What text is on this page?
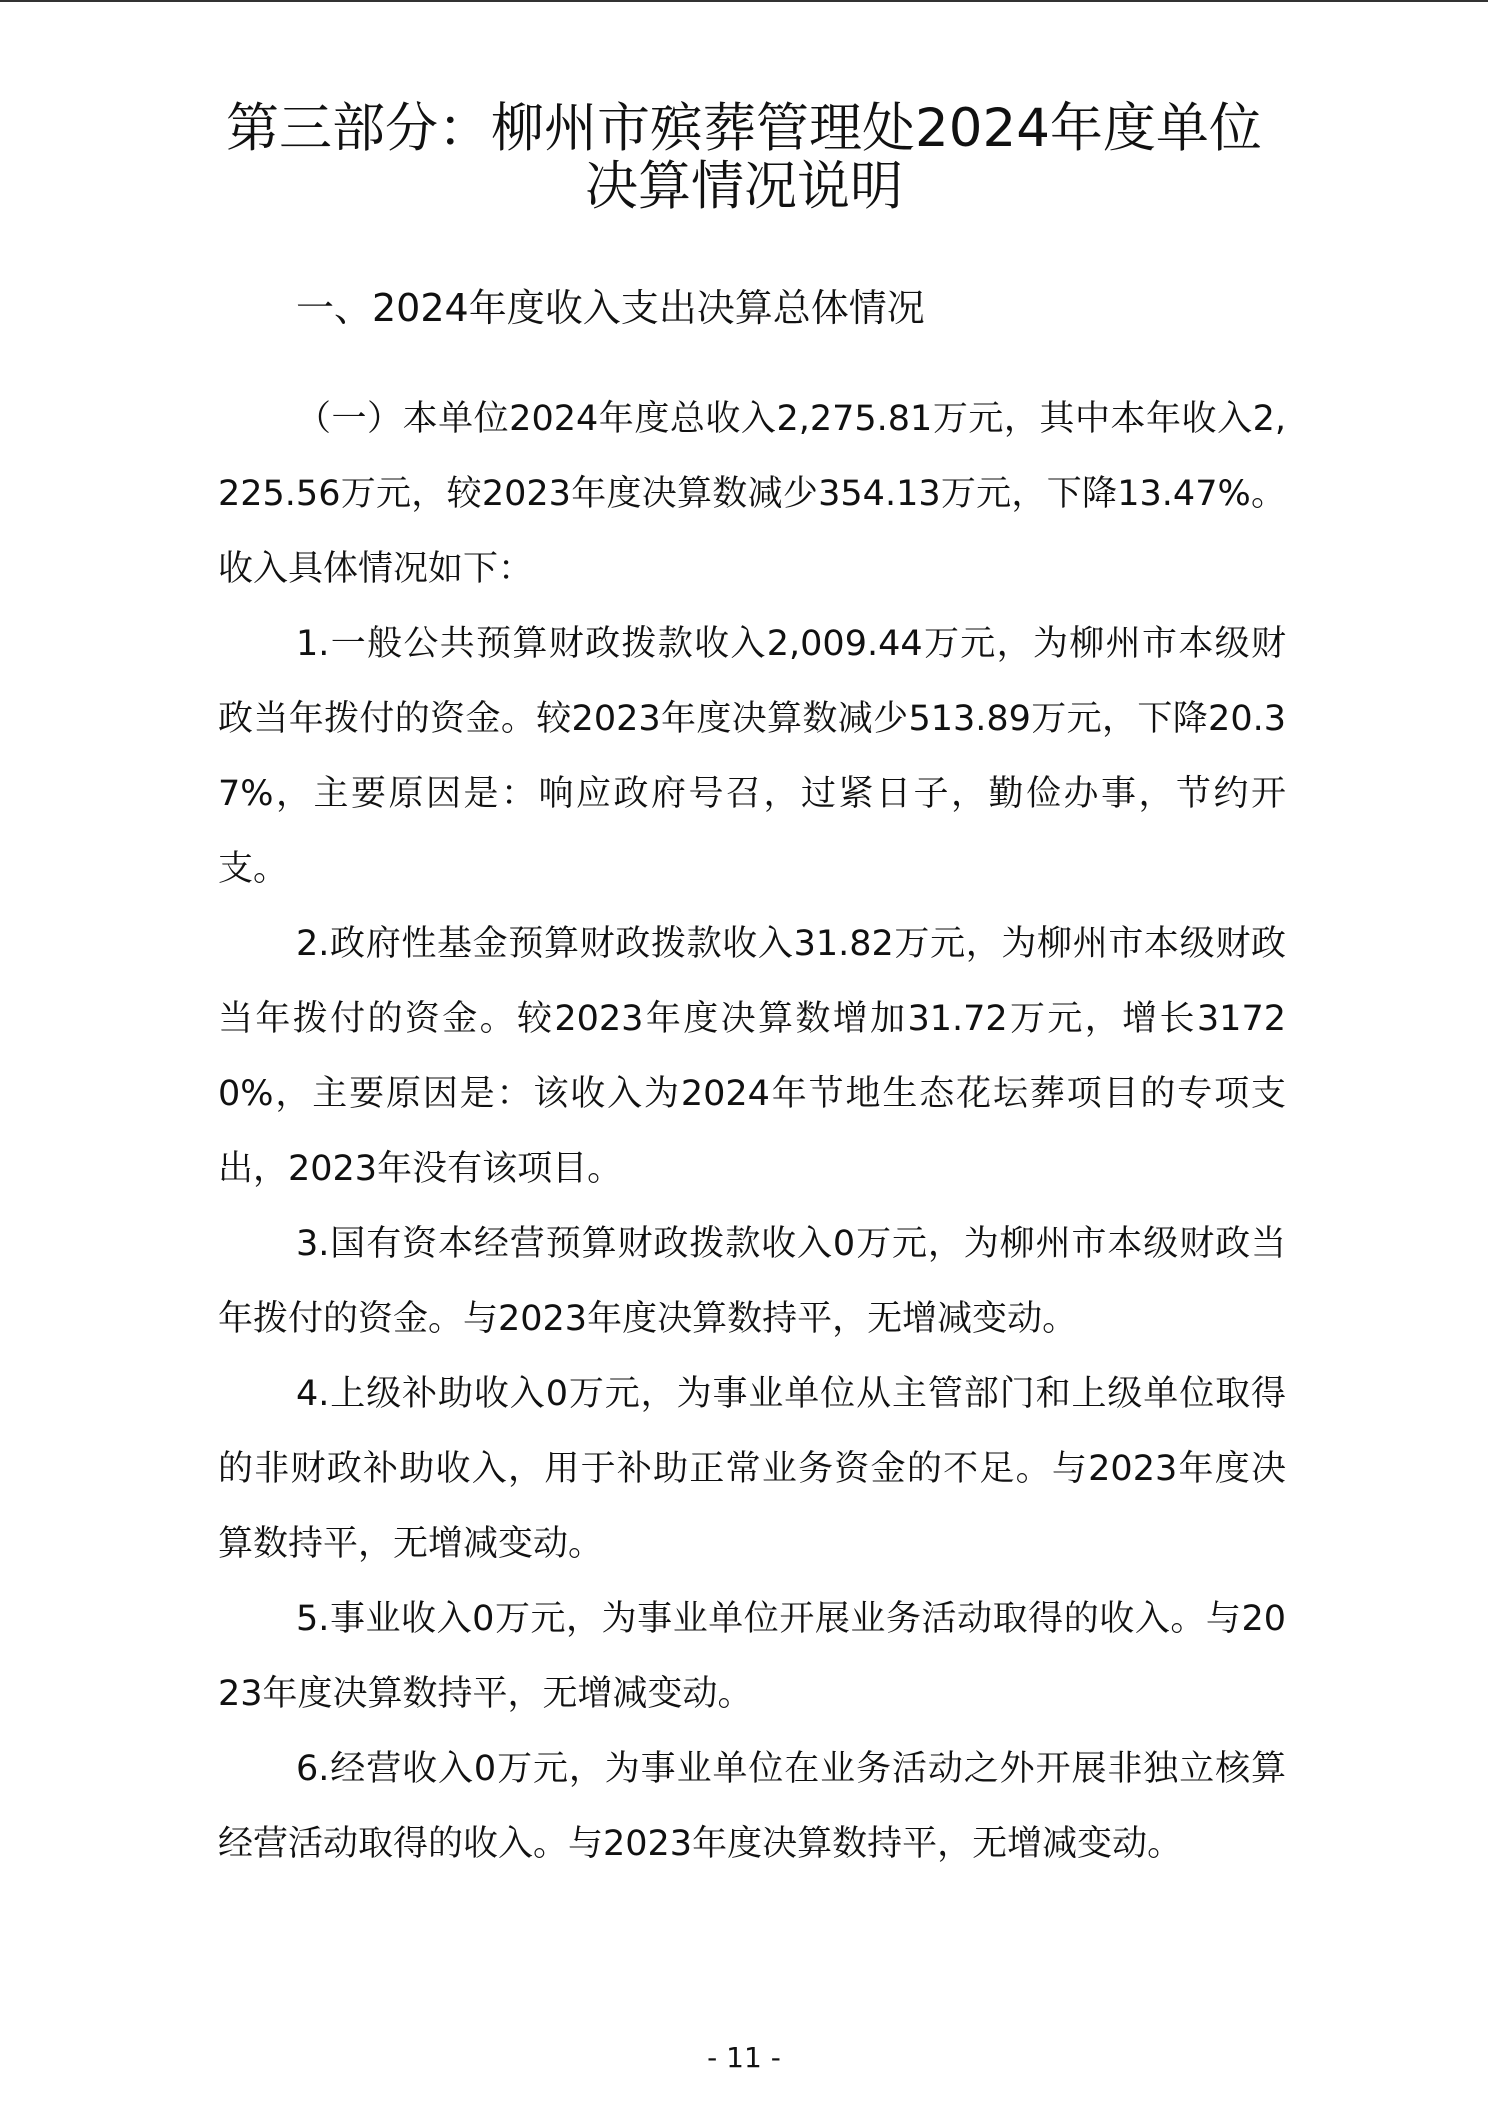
第三部分：柳州市殡葬管理处2024年度单位决算情况说明
一、2024年度收入支出决算总体情况

（一）本单位2024年度总收入2,275.81万元，其中本年收入2,225.56万元，较2023年度决算数减少354.13万元，下降13.47%。收入具体情况如下：

1.一般公共预算财政拨款收入2,009.44万元，为柳州市本级财政当年拨付的资金。较2023年度决算数减少513.89万元，下降20.37%，主要原因是：响应政府号召，过紧日子，勤俭办事，节约开支。

2.政府性基金预算财政拨款收入31.82万元，为柳州市本级财政当年拨付的资金。较2023年度决算数增加31.72万元，增长31720%，主要原因是：该收入为2024年节地生态花坛葬项目的专项支出，2023年没有该项目。

3.国有资本经营预算财政拨款收入0万元，为柳州市本级财政当年拨付的资金。与2023年度决算数持平，无增减变动。

4.上级补助收入0万元，为事业单位从主管部门和上级单位取得的非财政补助收入，用于补助正常业务资金的不足。与2023年度决算数持平，无增减变动。

5.事业收入0万元，为事业单位开展业务活动取得的收入。与2023年度决算数持平，无增减变动。

6.经营收入0万元，为事业单位在业务活动之外开展非独立核算经营活动取得的收入。与2023年度决算数持平，无增减变动。

- 11 -
